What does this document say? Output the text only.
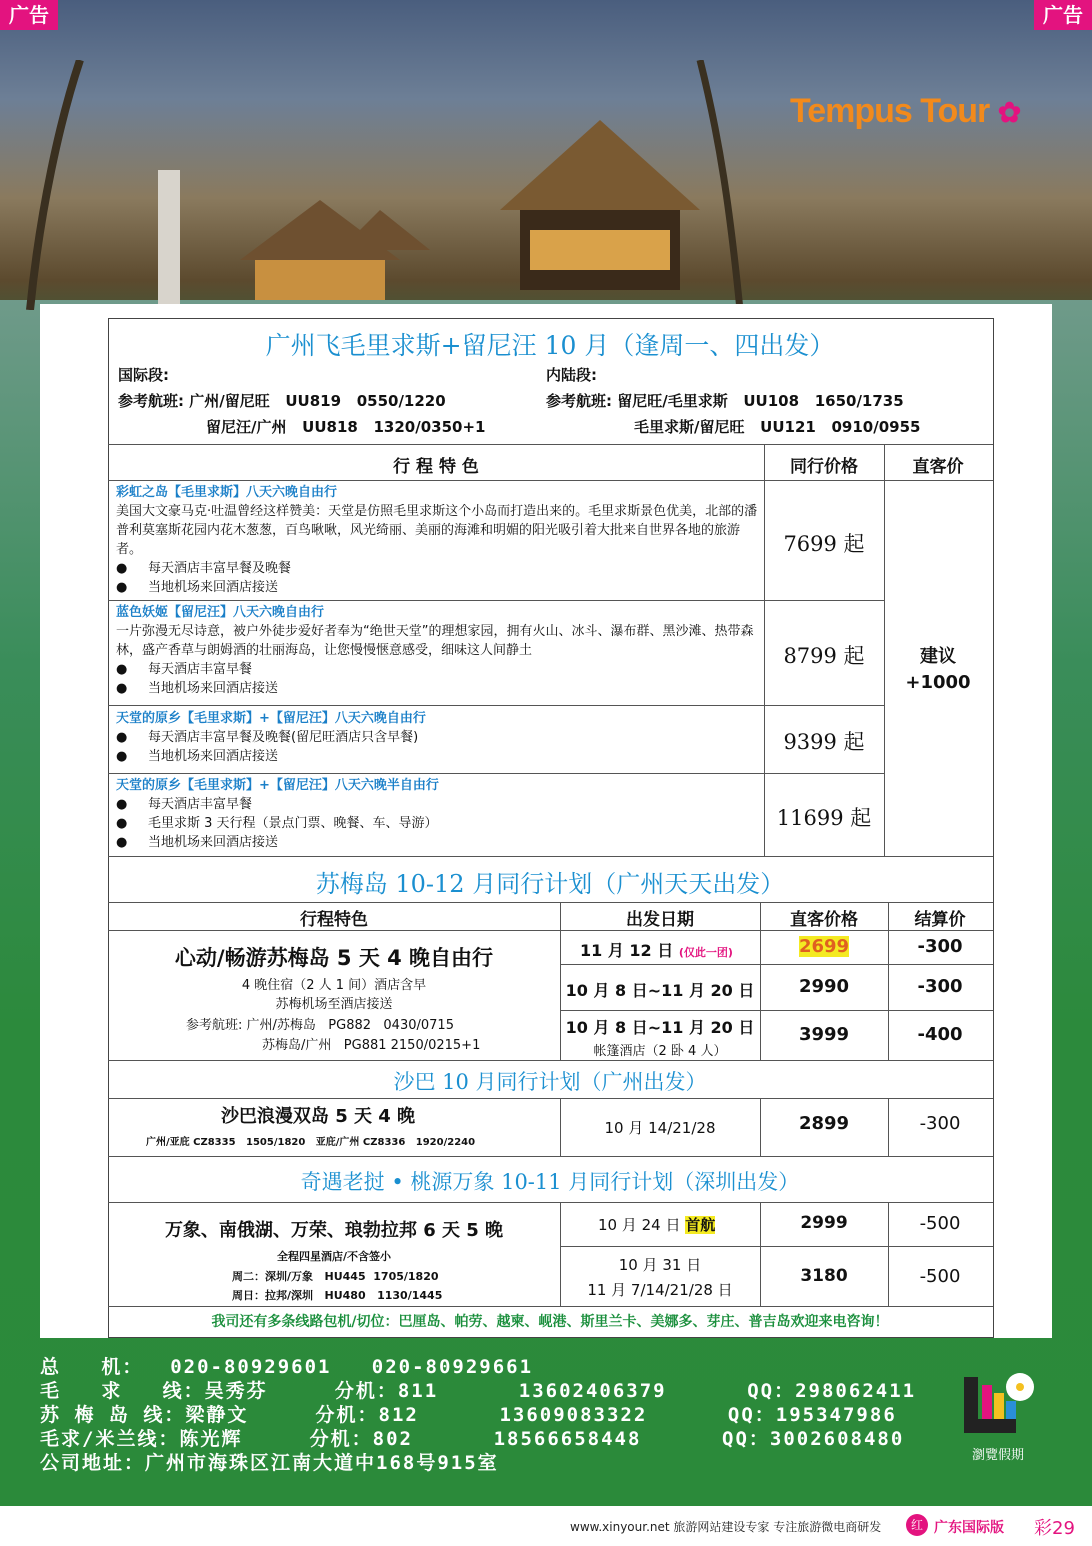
广告	广告
Tempus Tour ✿
广州飞毛里求斯+留尼汪 10 月（逢周一、四出发）
国际段:
参考航班: 广州/留尼旺   UU819   0550/1220
留尼汪/广州   UU818   1320/0350+1
内陆段:
参考航班: 留尼旺/毛里求斯   UU108   1650/1735
毛里求斯/留尼旺   UU121   0910/0955
行 程 特 色	同行价格	直客价
彩虹之岛【毛里求斯】八天六晚自由行
美国大文豪马克·吐温曾经这样赞美：天堂是仿照毛里求斯这个小岛而打造出来的。毛里求斯景色优美，北部的潘普利莫塞斯花园内花木葱葱，百鸟啾啾，风光绮丽、美丽的海滩和明媚的阳光吸引着大批来自世界各地的旅游者。
●     每天酒店丰富早餐及晚餐
●     当地机场来回酒店接送
7699 起
蓝色妖姬【留尼汪】八天六晚自由行
一片弥漫无尽诗意，被户外徒步爱好者奉为“绝世天堂”的理想家园，拥有火山、冰斗、瀑布群、黑沙滩、热带森林，盛产香草与朗姆酒的壮丽海岛，让您慢慢惬意感受，细味这人间静土
●     每天酒店丰富早餐
●     当地机场来回酒店接送
8799 起
天堂的原乡【毛里求斯】+【留尼汪】八天六晚自由行
●     每天酒店丰富早餐及晚餐(留尼旺酒店只含早餐)
●     当地机场来回酒店接送
9399 起
天堂的原乡【毛里求斯】+【留尼汪】八天六晚半自由行
●     每天酒店丰富早餐
●     毛里求斯 3 天行程（景点门票、晚餐、车、导游）
●     当地机场来回酒店接送
11699 起
建议
+1000
苏梅岛 10-12 月同行计划（广州天天出发）
行程特色	出发日期	直客价格	结算价
心动/畅游苏梅岛 5 天 4 晚自由行
4 晚住宿（2 人 1 间）酒店含早
苏梅机场至酒店接送
参考航班: 广州/苏梅岛   PG882   0430/0715
苏梅岛/广州   PG881 2150/0215+1
11 月 12 日 (仅此一团)	2699	-300
10 月 8 日~11 月 20 日	2990	-300
10 月 8 日~11 月 20 日
帐篷酒店（2 卧 4 人）
3999	-400
沙巴 10 月同行计划（广州出发）
沙巴浪漫双岛 5 天 4 晚
广州/亚庇 CZ8335   1505/1820   亚庇/广州 CZ8336   1920/2240
10 月 14/21/28	2899	-300
奇遇老挝 • 桃源万象 10-11 月同行计划（深圳出发）
万象、南俄湖、万荣、琅勃拉邦 6 天 5 晚
全程四星酒店/不含签小
周二：深圳/万象   HU445  1705/1820
周日：拉邦/深圳   HU480   1130/1445
10 月 24 日 首航	2999	-500
10 月 31 日
11 月 7/14/21/28 日
3180	-500
我司还有多条线路包机/切位：巴厘岛、帕劳、越柬、岘港、斯里兰卡、美娜多、芽庄、普吉岛欢迎来电咨询！
总   机：  020-80929601   020-80929661
毛   求   线：吴秀芬     分机：811      13602406379      QQ：298062411
苏 梅 岛 线：梁静文     分机：812      13609083322      QQ：195347986
毛求/米兰线：陈光辉     分机：802      18566658448      QQ：3002608480
公司地址：广州市海珠区江南大道中168号915室	瀏覽假期
www.xinyour.net 旅游网站建设专家 专注旅游微电商研发	红 广东国际版 彩29
